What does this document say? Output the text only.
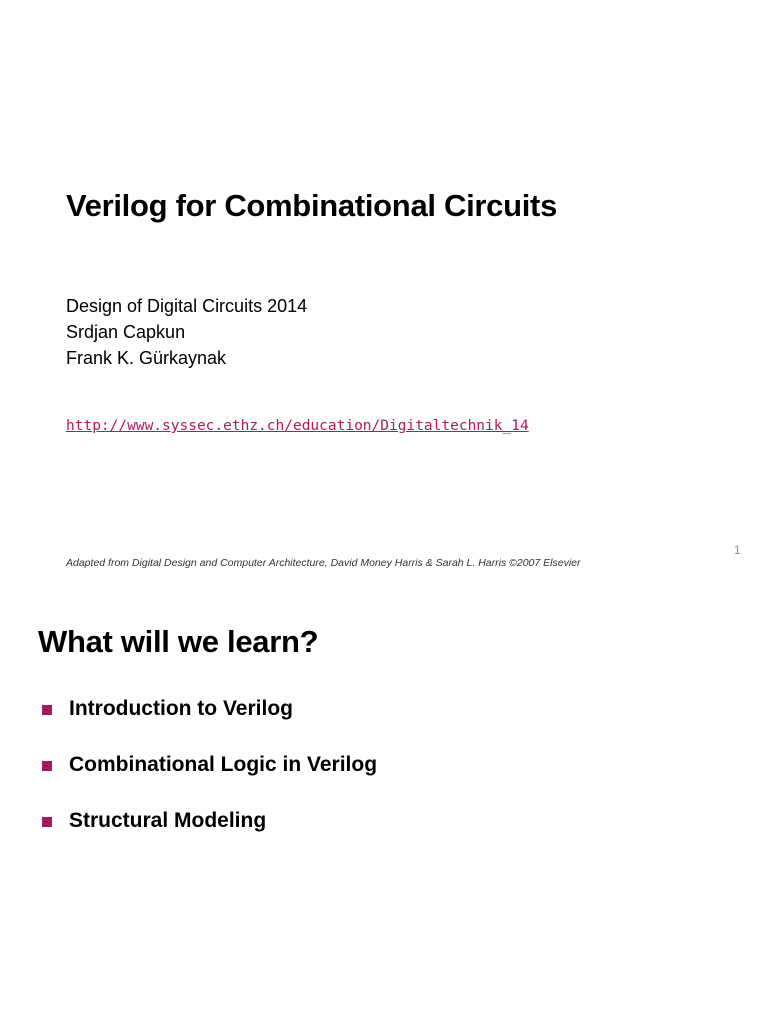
Verilog for Combinational Circuits
Design of Digital Circuits 2014
Srdjan Capkun
Frank K. Gürkaynak
http://www.syssec.ethz.ch/education/Digitaltechnik_14
1
Adapted from Digital Design and Computer Architecture, David Money Harris & Sarah L. Harris ©2007 Elsevier
What will we learn?
Introduction to Verilog
Combinational Logic in Verilog
Structural Modeling
